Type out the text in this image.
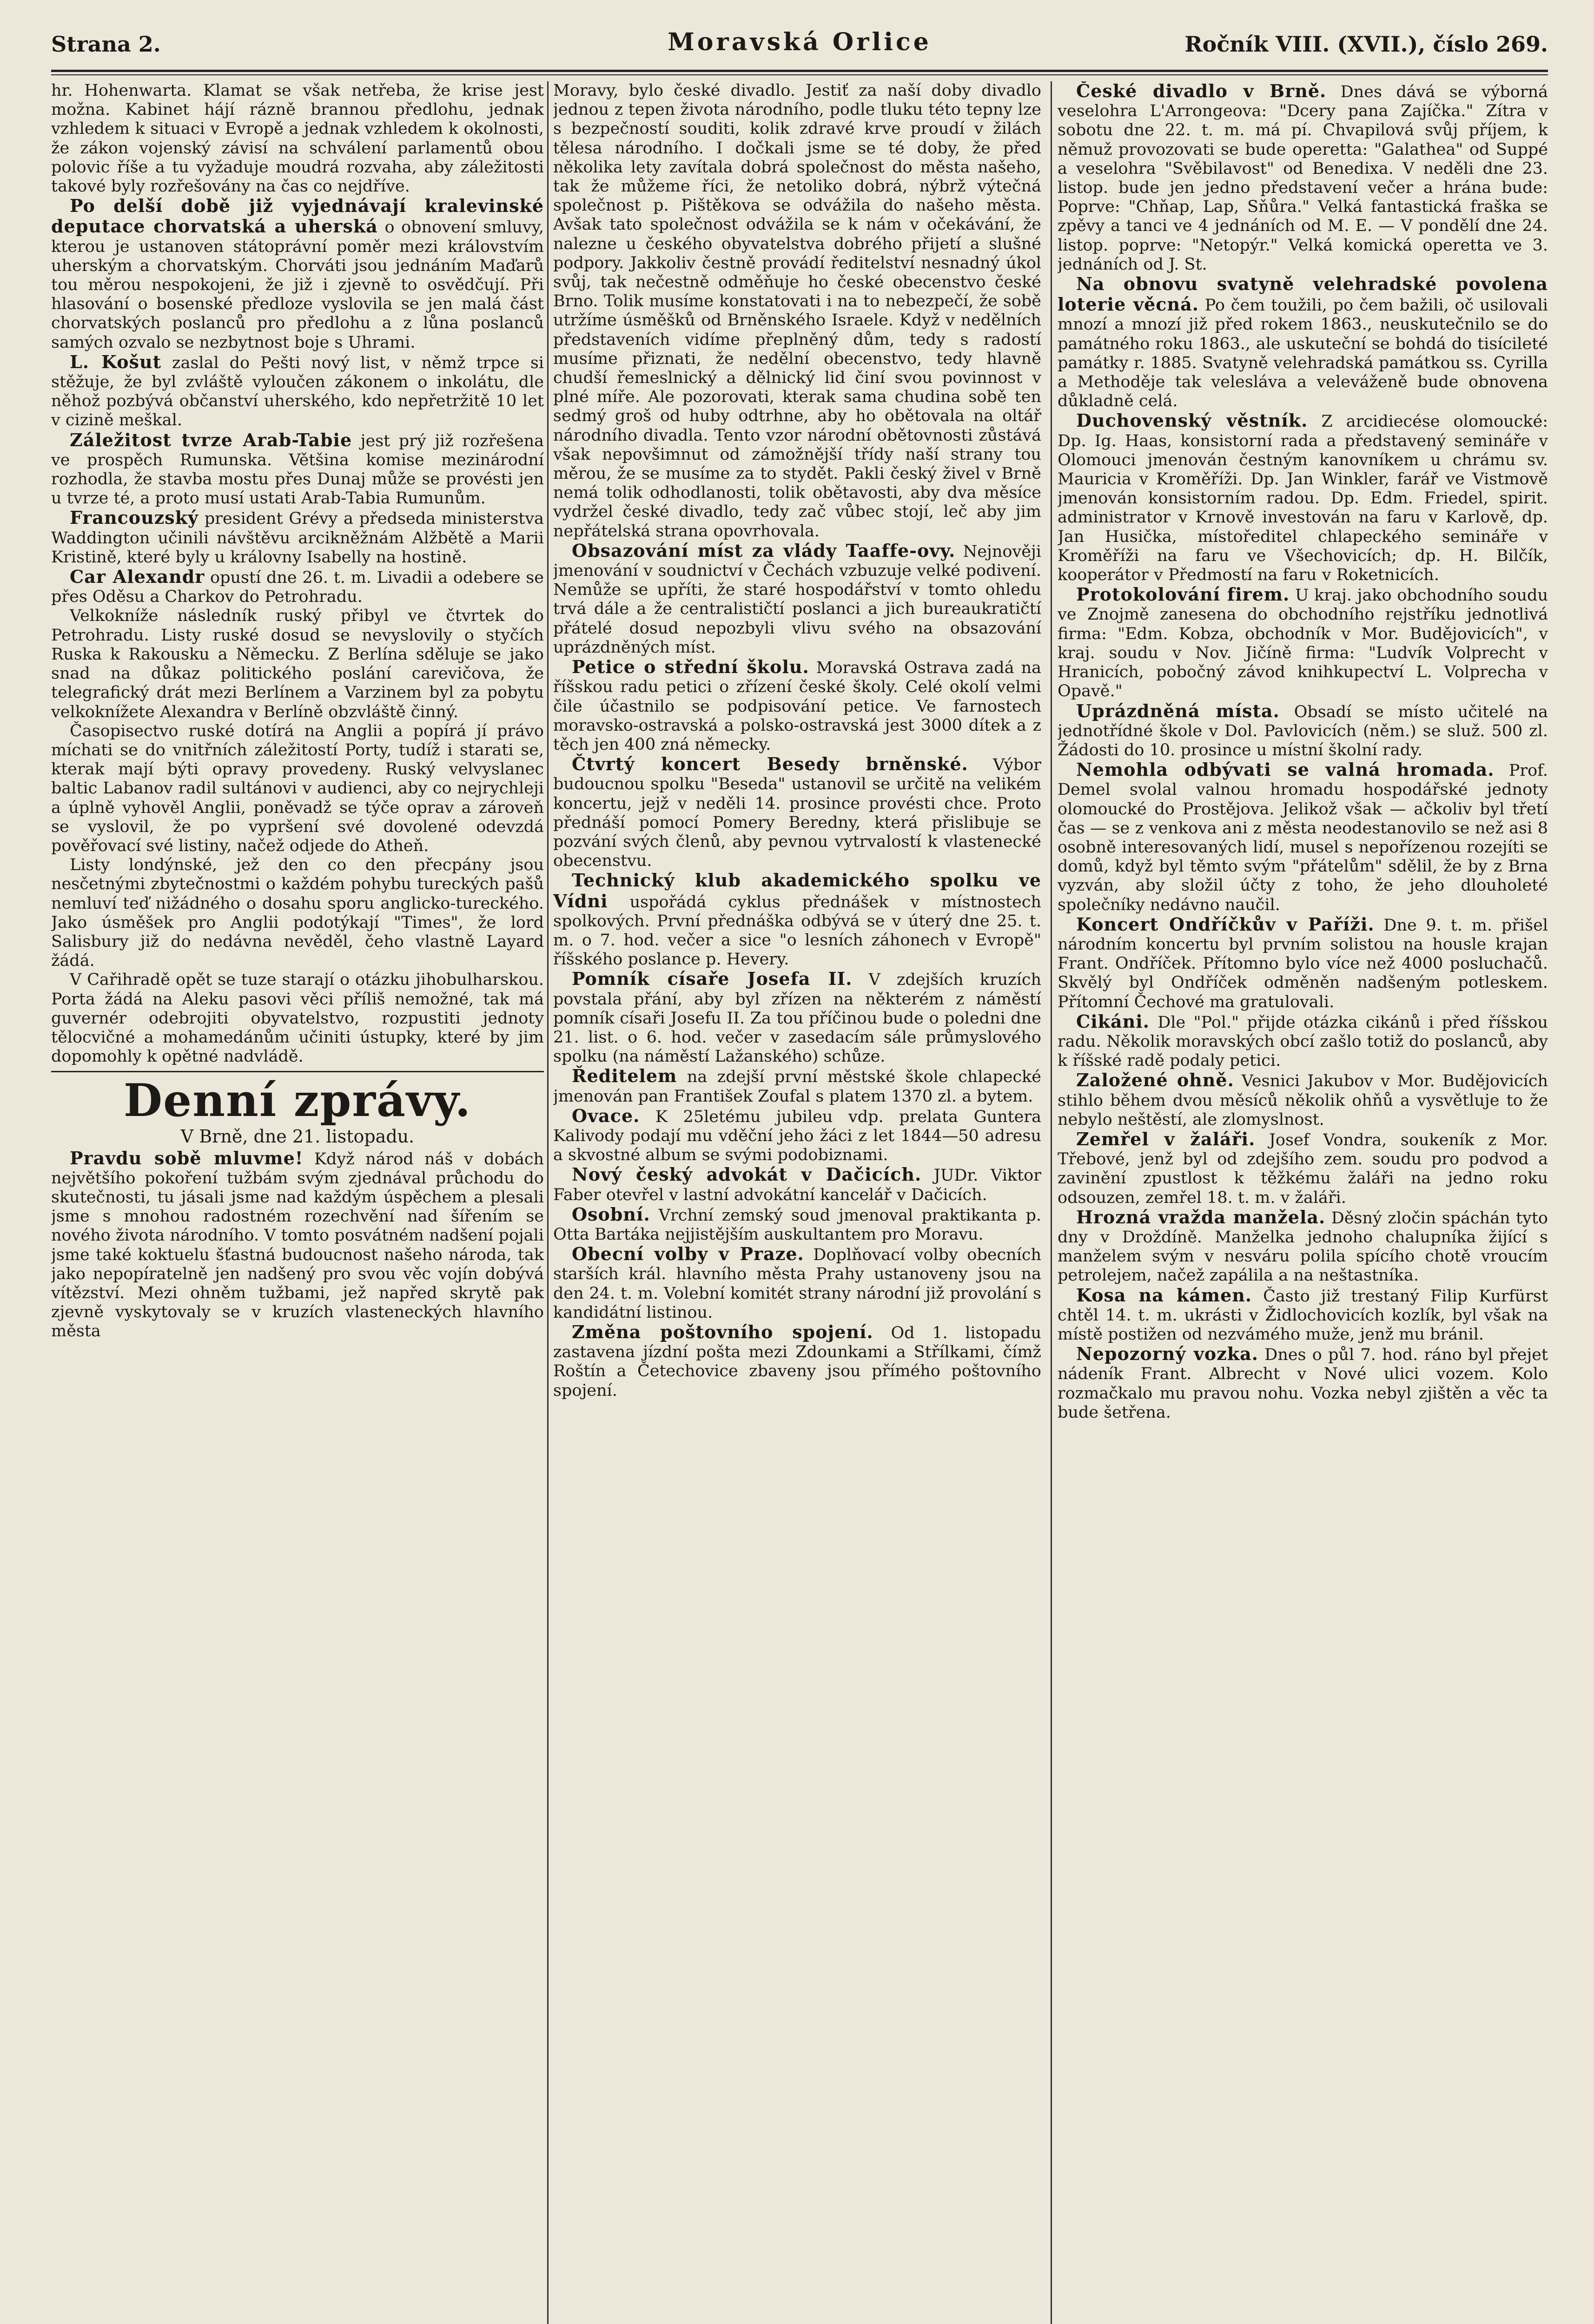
Strana 2.	Moravská Orlice	Ročník VIII. (XVII.), číslo 269.

hr. Hohenwarta. Klamat se však netřeba, že krise jest možna. Kabinet hájí rázně brannou předlohu, jednak vzhledem k situaci v Evropě a jednak vzhledem k okolnosti, že zákon vojenský závisí na schválení parlamentů obou polovic říše a tu vyžaduje moudrá rozvaha, aby záležitosti takové byly rozřešovány na čas co nejdříve.

Po delší době již vyjednávají kralevinské deputace chorvatská a uherská o obnovení smluvy, kterou je ustanoven státoprávní poměr mezi královstvím uherským a chorvatským. Chorváti jsou jednáním Maďarů tou měrou nespokojeni, že již i zjevně to osvědčují. Při hlasování o bosenské předloze vyslovila se jen malá část chorvatských poslanců pro předlohu a z lůna poslanců samých ozvalo se nezbytnost boje s Uhrami.

L. Košut zaslal do Pešti nový list, v němž trpce si stěžuje, že byl zvláště vyloučen zákonem o inkolátu, dle něhož pozbývá občanství uherského, kdo nepřetržitě 10 let v cizině meškal.

Záležitost tvrze Arab-Tabie jest prý již rozřešena ve prospěch Rumunska. Většina komise mezinárodní rozhodla, že stavba mostu přes Dunaj může se provésti jen u tvrze té, a proto musí ustati Arab-Tabia Rumunům.

Francouzský president Grévy a předseda ministerstva Waddington učinili návštěvu arcikněžnám Alžbětě a Marii Kristině, které byly u královny Isabelly na hostině.

Car Alexandr opustí dne 26. t. m. Livadii a odebere se přes Oděsu a Charkov do Petrohradu.

Velkoknížе následník ruský přibyl ve čtvrtek do Petrohradu. Listy ruské dosud se nevyslovily o styčích Ruska k Rakousku a Německu. Z Berlína sděluje se jako snad na důkaz politického poslání carevičova, že telegrafický drát mezi Berlínem a Varzinem byl za pobytu velkoknížete Alexandra v Berlíně obzvláště činný.

Časopisectvo ruské dotírá na Anglii a popírá jí právo míchati se do vnitřních záležitostí Porty, tudíž i starati se, kterak mají býti opravy provedeny. Ruský velvyslanec baltic Labanov radil sultánovi v audienci, aby co nejrychleji a úplně vyhověl Anglii, poněvadž se týče oprav a zároveň se vyslovil, že po vypršení své dovolené odevzdá pověřovací své listiny, načež odjede do Atheň.

Listy londýnské, jež den co den přecpány jsou nesčetnými zbytečnostmi o každém pohybu tureckých pašů nemluví teď nižádného o dosahu sporu anglicko-tureckého. Jako úsměšek pro Anglii podotýkají "Times", že lord Salisbury již do nedávna nevěděl, čeho vlastně Layard žádá.

V Cařihradě opět se tuze starají o otázku jihobulharskou. Porta žádá na Aleku pasovi věci příliš nemožné, tak má guvernér odebrojiti obyvatelstvo, rozpustiti jednoty tělocvičné a mohamedánům učiniti ústupky, které by jim dopomohly k opětné nadvládě.

Denní zprávy.
V Brně, dne 21. listopadu.

Pravdu sobě mluvme! Když národ náš v dobách největšího pokoření tužbám svým zjednával průchodu do skutečnosti, tu jásali jsme nad každým úspěchem a plesali jsme s mnohou radostném rozechvění nad šířením se nového života národního. V tomto posvátném nadšení pojali jsme také koktuelu šťastná budoucnost našeho národa, tak jako nepopíratelně jen nadšený pro svou věc vojín dobývá vítězství. Mezi ohněm tužbami, jež napřed skrytě pak zjevně vyskytovaly se v kruzích vlasteneckých hlavního města

Moravy, bylo české divadlo. Jestiť za naší doby divadlo jednou z tepen života národního, podle tluku této tepny lze s bezpečností souditi, kolik zdravé krve proudí v žilách tělesa národního. I dočkali jsme se té doby, že před několika lety zavítala dobrá společnost do města našeho, tak že můžeme říci, že netoliko dobrá, nýbrž výtečná společnost p. Pištěkova se odvážila do našeho města. Avšak tato společnost odvážila se k nám v očekávání, že nalezne u českého obyvatelstva dobrého přijetí a slušné podpory. Jakkoliv čestně provádí ředitelství nesnadný úkol svůj, tak nečestně odměňuje ho české obecenstvo české Brno. Tolik musíme konstatovati i na to nebezpečí, že sobě utržíme úsměšků od Brněnského Israele. Když v nedělních představeních vidíme přeplněný dům, tedy s radostí musíme přiznati, že nedělní obecenstvo, tedy hlavně chudší řemeslnický a dělnický lid činí svou povinnost v plné míře. Ale pozorovati, kterak sama chudina sobě ten sedmý groš od huby odtrhne, aby ho obětovala na oltář národního divadla. Tento vzor národní obětovnosti zůstává však nepovšimnut od zámožnější třídy naší strany tou měrou, že se musíme za to stydět. Pakli český živel v Brně nemá tolik odhodlanosti, tolik obětavosti, aby dva měsíce vydržel české divadlo, tedy zač vůbec stojí, leč aby jim nepřátelská strana opovrhovala.

Obsazování míst za vlády Taaffe-ovy. Nejnověji jmenování v soudnictví v Čechách vzbuzuje velké podivení. Nemůže se upříti, že staré hospodářství v tomto ohledu trvá dále a že centralističtí poslanci a jich bureaukratičtí přátelé dosud nepozbyli vlivu svého na obsazování uprázdněných míst.

Petice o střední školu. Moravská Ostrava zadá na říšskou radu petici o zřízení české školy. Celé okolí velmi čile účastnilo se podpisování petice. Ve farnostech moravsko-ostravská a polsko-ostravská jest 3000 dítek a z těch jen 400 zná německy.

Čtvrtý koncert Besedy brněnské. Výbor budoucnou spolku "Beseda" ustanovil se určitě na velikém koncertu, jejž v neděli 14. prosince provésti chce. Proto přednáší pomocí Pomery Beredny, která přislibuje se pozvání svých členů, aby pevnou vytrvalostí k vlastenecké obecenstvu.

Technický klub akademického spolku ve Vídni uspořádá cyklus přednášek v místnostech spolkových. První přednáška odbývá se v úterý dne 25. t. m. o 7. hod. večer a sice "o lesních záhonech v Evropě" říšského poslance p. Hevery.

Pomník císaře Josefa II. V zdejších kruzích povstala přání, aby byl zřízen na některém z náměstí pomník císaři Josefu II. Za tou příčinou bude o poledni dne 21. list. o 6. hod. večer v zasedacím sále průmyslového spolku (na náměstí Lažanského) schůze.

Ředitelem na zdejší první městské škole chlapecké jmenován pan František Zoufal s platem 1370 zl. a bytem.

Ovace. K 25letému jubileu vdp. prelata Guntera Kalivody podají mu vděční jeho žáci z let 1844—50 adresu a skvostné album se svými podobiznami.

Nový český advokát v Dačicích. JUDr. Viktor Faber otevřel v lastní advokátní kancelář v Dačicích.

Osobní. Vrchní zemský soud jmenoval praktikanta p. Otta Bartáka nejjistějším auskultantem pro Moravu.

Obecní volby v Praze. Doplňovací volby obecních starších král. hlavního města Prahy ustanoveny jsou na den 24. t. m. Volební komitét strany národní již provolání s kandidátní listinou.

Změna poštovního spojení. Od 1. listopadu zastavena jízdní pošta mezi Zdounkami a Střílkami, čímž Roštín a Četechovice zbaveny jsou přímého poštovního spojení.

České divadlo v Brně. Dnes dává se výborná veselohra L'Arrongeova: "Dcery pana Zajíčka." Zítra v sobotu dne 22. t. m. má pí. Chvapilová svůj příjem, k němuž provozovati se bude operetta: "Galathea" od Suppé a veselohra "Svěbilavost" od Benedixa. V neděli dne 23. listop. bude jen jedno představení večer a hrána bude: Poprve: "Chňap, Lap, Sňůra." Velká fantastická fraška se zpěvy a tanci ve 4 jednáních od M. E. — V pondělí dne 24. listop. poprve: "Netopýr." Velká komická operetta ve 3. jednáních od J. St.

Na obnovu svatyně velehradské povolena loterie věcná. Po čem toužili, po čem bažili, oč usilovali mnozí a mnozí již před rokem 1863., neuskutečnilo se do památného roku 1863., ale uskuteční se bohdá do tisícileté památky r. 1885. Svatyně velehradská památkou ss. Cyrilla a Methoděje tak velesláva a veleváženě bude obnovena důkladně celá.

Duchovenský věstník. Z arcidiecése olomoucké: Dp. Ig. Haas, konsistorní rada a představený semináře v Olomouci jmenován čestným kanovníkem u chrámu sv. Mauricia v Kroměříži. Dp. Jan Winkler, farář ve Vistmově jmenován konsistorním radou. Dp. Edm. Friedel, spirit. administrator v Krnově investován na faru v Karlově, dp. Jan Husička, místoředitel chlapeckého semináře v Kroměříži na faru ve Všechovicích; dp. H. Bilčík, kooperátor v Předmostí na faru v Roketnicích.

Protokolování firem. U kraj. jako obchodního soudu ve Znojmě zanesena do obchodního rejstříku jednotlivá firma: "Edm. Kobza, obchodník v Mor. Budějovicích", v kraj. soudu v Nov. Jičíně firma: "Ludvík Volprecht v Hranicích, pobočný závod knihkupectví L. Volprecha v Opavě."

Uprázdněná místa. Obsadí se místo učitelé na jednotřídné škole v Dol. Pavlovicích (něm.) se služ. 500 zl. Žádosti do 10. prosince u místní školní rady.

Nemohla odbývati se valná hromada. Prof. Demel svolal valnou hromadu hospodářské jednoty olomoucké do Prostějova. Jelikož však — ačkoliv byl třetí čas — se z venkova ani z města neodestanovilo se než asi 8 osobně interesovaných lidí, musel s nepořízenou rozejíti se domů, když byl těmto svým "přátelům" sdělil, že by z Brna vyzván, aby složil účty z toho, že jeho dlouholeté společníky nedávno naučil.

Koncert Ondříčkův v Paříži. Dne 9. t. m. přišel národním koncertu byl prvním solistou na housle krajan Frant. Ondříček. Přítomno bylo více než 4000 posluchačů. Skvělý byl Ondříček odměněn nadšeným potleskem. Přítomní Čechové ma gratulovali.

Cikáni. Dle "Pol." přijde otázka cikánů i před říšskou radu. Několik moravských obcí zašlo totiž do poslanců, aby k říšské radě podaly petici.

Založené ohně. Vesnici Jakubov v Mor. Budějovicích stihlo během dvou měsíců několik ohňů a vysvětluje to že nebylo neštěstí, ale zlomyslnost.

Zemřel v žaláři. Josef Vondra, soukeník z Mor. Třebové, jenž byl od zdejšího zem. soudu pro podvod a zavinění zpustlost k těžkému žaláři na jedno roku odsouzen, zemřel 18. t. m. v žaláři.

Hrozná vražda manžela. Děsný zločin spáchán tyto dny v Droždíně. Manželka jednoho chalupníka žijící s manželem svým v nesváru polila spícího chotě vroucím petrolejem, načež zapálila a na neštastníka.

Kosa na kámen. Často již trestaný Filip Kurfürst chtěl 14. t. m. ukrásti v Židlochovicích kozlík, byl však na místě postižen od nezvámého muže, jenž mu bránil.

Nepozorný vozka. Dnes o půl 7. hod. ráno byl přejet nádeník Frant. Albrecht v Nové ulici vozem. Kolo rozmačkalo mu pravou nohu. Vozka nebyl zjištěn a věc ta bude šetřena.
